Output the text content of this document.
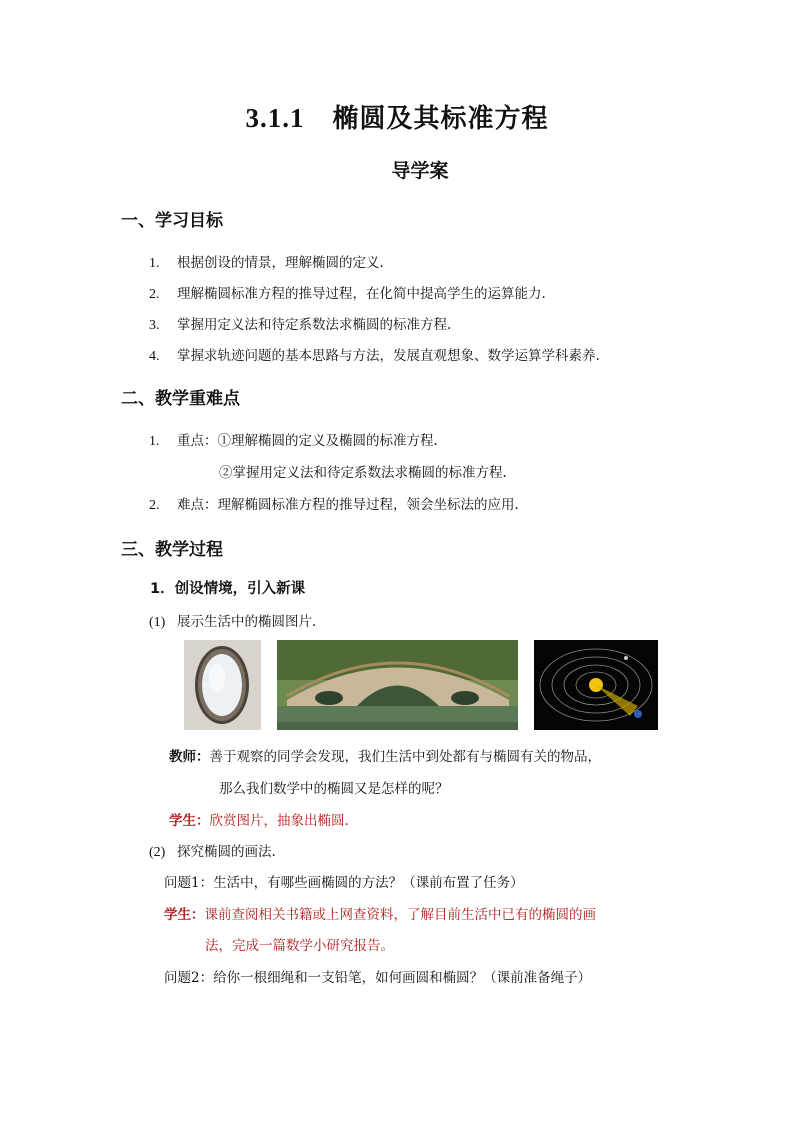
3.1.1 椭圆及其标准方程
导学案
一、学习目标
1. 根据创设的情景，理解椭圆的定义.
2. 理解椭圆标准方程的推导过程，在化简中提高学生的运算能力.
3. 掌握用定义法和待定系数法求椭圆的标准方程.
4. 掌握求轨迹问题的基本思路与方法，发展直观想象、数学运算学科素养.
二、教学重难点
1. 重点：①理解椭圆的定义及椭圆的标准方程.
②掌握用定义法和待定系数法求椭圆的标准方程.
2. 难点：理解椭圆标准方程的推导过程，领会坐标法的应用.
三、教学过程
1．创设情境，引入新课
(1) 展示生活中的椭圆图片.
教师：善于观察的同学会发现，我们生活中到处都有与椭圆有关的物品，
那么我们数学中的椭圆又是怎样的呢？
学生：欣赏图片，抽象出椭圆.
(2) 探究椭圆的画法.
问题1：生活中，有哪些画椭圆的方法？（课前布置了任务）
学生：课前查阅相关书籍或上网查资料，了解目前生活中已有的椭圆的画
法，完成一篇数学小研究报告。
问题2：给你一根细绳和一支铅笔，如何画圆和椭圆？（课前准备绳子）
